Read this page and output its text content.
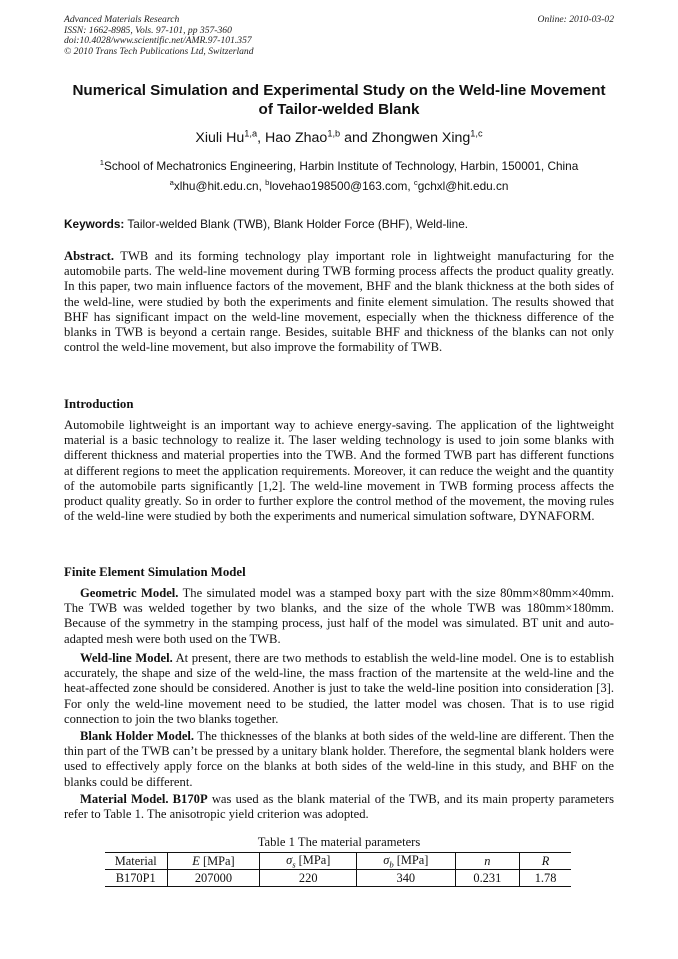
Advanced Materials Research
ISSN: 1662-8985, Vols. 97-101, pp 357-360
doi:10.4028/www.scientific.net/AMR.97-101.357
© 2010 Trans Tech Publications Ltd, Switzerland
Online: 2010-03-02
Numerical Simulation and Experimental Study on the Weld-line Movement of Tailor-welded Blank
Xiuli Hu$^{1,a}$, Hao Zhao$^{1,b}$ and Zhongwen Xing$^{1,c}$
$^1$School of Mechatronics Engineering, Harbin Institute of Technology, Harbin, 150001, China
$^a$xlhu@hit.edu.cn, $^b$lovehao198500@163.com, $^c$gchxl@hit.edu.cn
Keywords: Tailor-welded Blank (TWB), Blank Holder Force (BHF), Weld-line.
Abstract. TWB and its forming technology play important role in lightweight manufacturing for the automobile parts. The weld-line movement during TWB forming process affects the product quality greatly. In this paper, two main influence factors of the movement, BHF and the blank thickness at the both sides of the weld-line, were studied by both the experiments and finite element simulation. The results showed that BHF has significant impact on the weld-line movement, especially when the thickness difference of the blanks in TWB is beyond a certain range. Besides, suitable BHF and thickness of the blanks can not only control the weld-line movement, but also improve the formability of TWB.
Introduction
Automobile lightweight is an important way to achieve energy-saving. The application of the lightweight material is a basic technology to realize it. The laser welding technology is used to join some blanks with different thickness and material properties into the TWB. And the formed TWB part has different functions at different regions to meet the application requirements. Moreover, it can reduce the weight and the quantity of the automobile parts significantly [1,2]. The weld-line movement in TWB forming process affects the product quality greatly. So in order to further explore the control method of the movement, the moving rules of the weld-line were studied by both the experiments and numerical simulation software, DYNAFORM.
Finite Element Simulation Model
Geometric Model. The simulated model was a stamped boxy part with the size 80mm×80mm×40mm. The TWB was welded together by two blanks, and the size of the whole TWB was 180mm×180mm. Because of the symmetry in the stamping process, just half of the model was simulated. BT unit and auto-adapted mesh were both used on the TWB.
Weld-line Model. At present, there are two methods to establish the weld-line model. One is to establish accurately, the shape and size of the weld-line, the mass fraction of the martensite at the weld-line and the heat-affected zone should be considered. Another is just to take the weld-line position into consideration [3]. For only the weld-line movement need to be studied, the latter model was chosen. That is to use rigid connection to join the two blanks together.
Blank Holder Model. The thicknesses of the blanks at both sides of the weld-line are different. Then the thin part of the TWB can’t be pressed by a unitary blank holder. Therefore, the segmental blank holders were used to effectively apply force on the blanks at both sides of the weld-line in this study, and BHF on the blanks could be different.
Material Model. B170P was used as the blank material of the TWB, and its main property parameters refer to Table 1. The anisotropic yield criterion was adopted.
Table 1 The material parameters
Material	E [MPa]	$\sigma_s$ [MPa]	$\sigma_b$ [MPa]	n	R
B170P1	207000	220	340	0.231	1.78
